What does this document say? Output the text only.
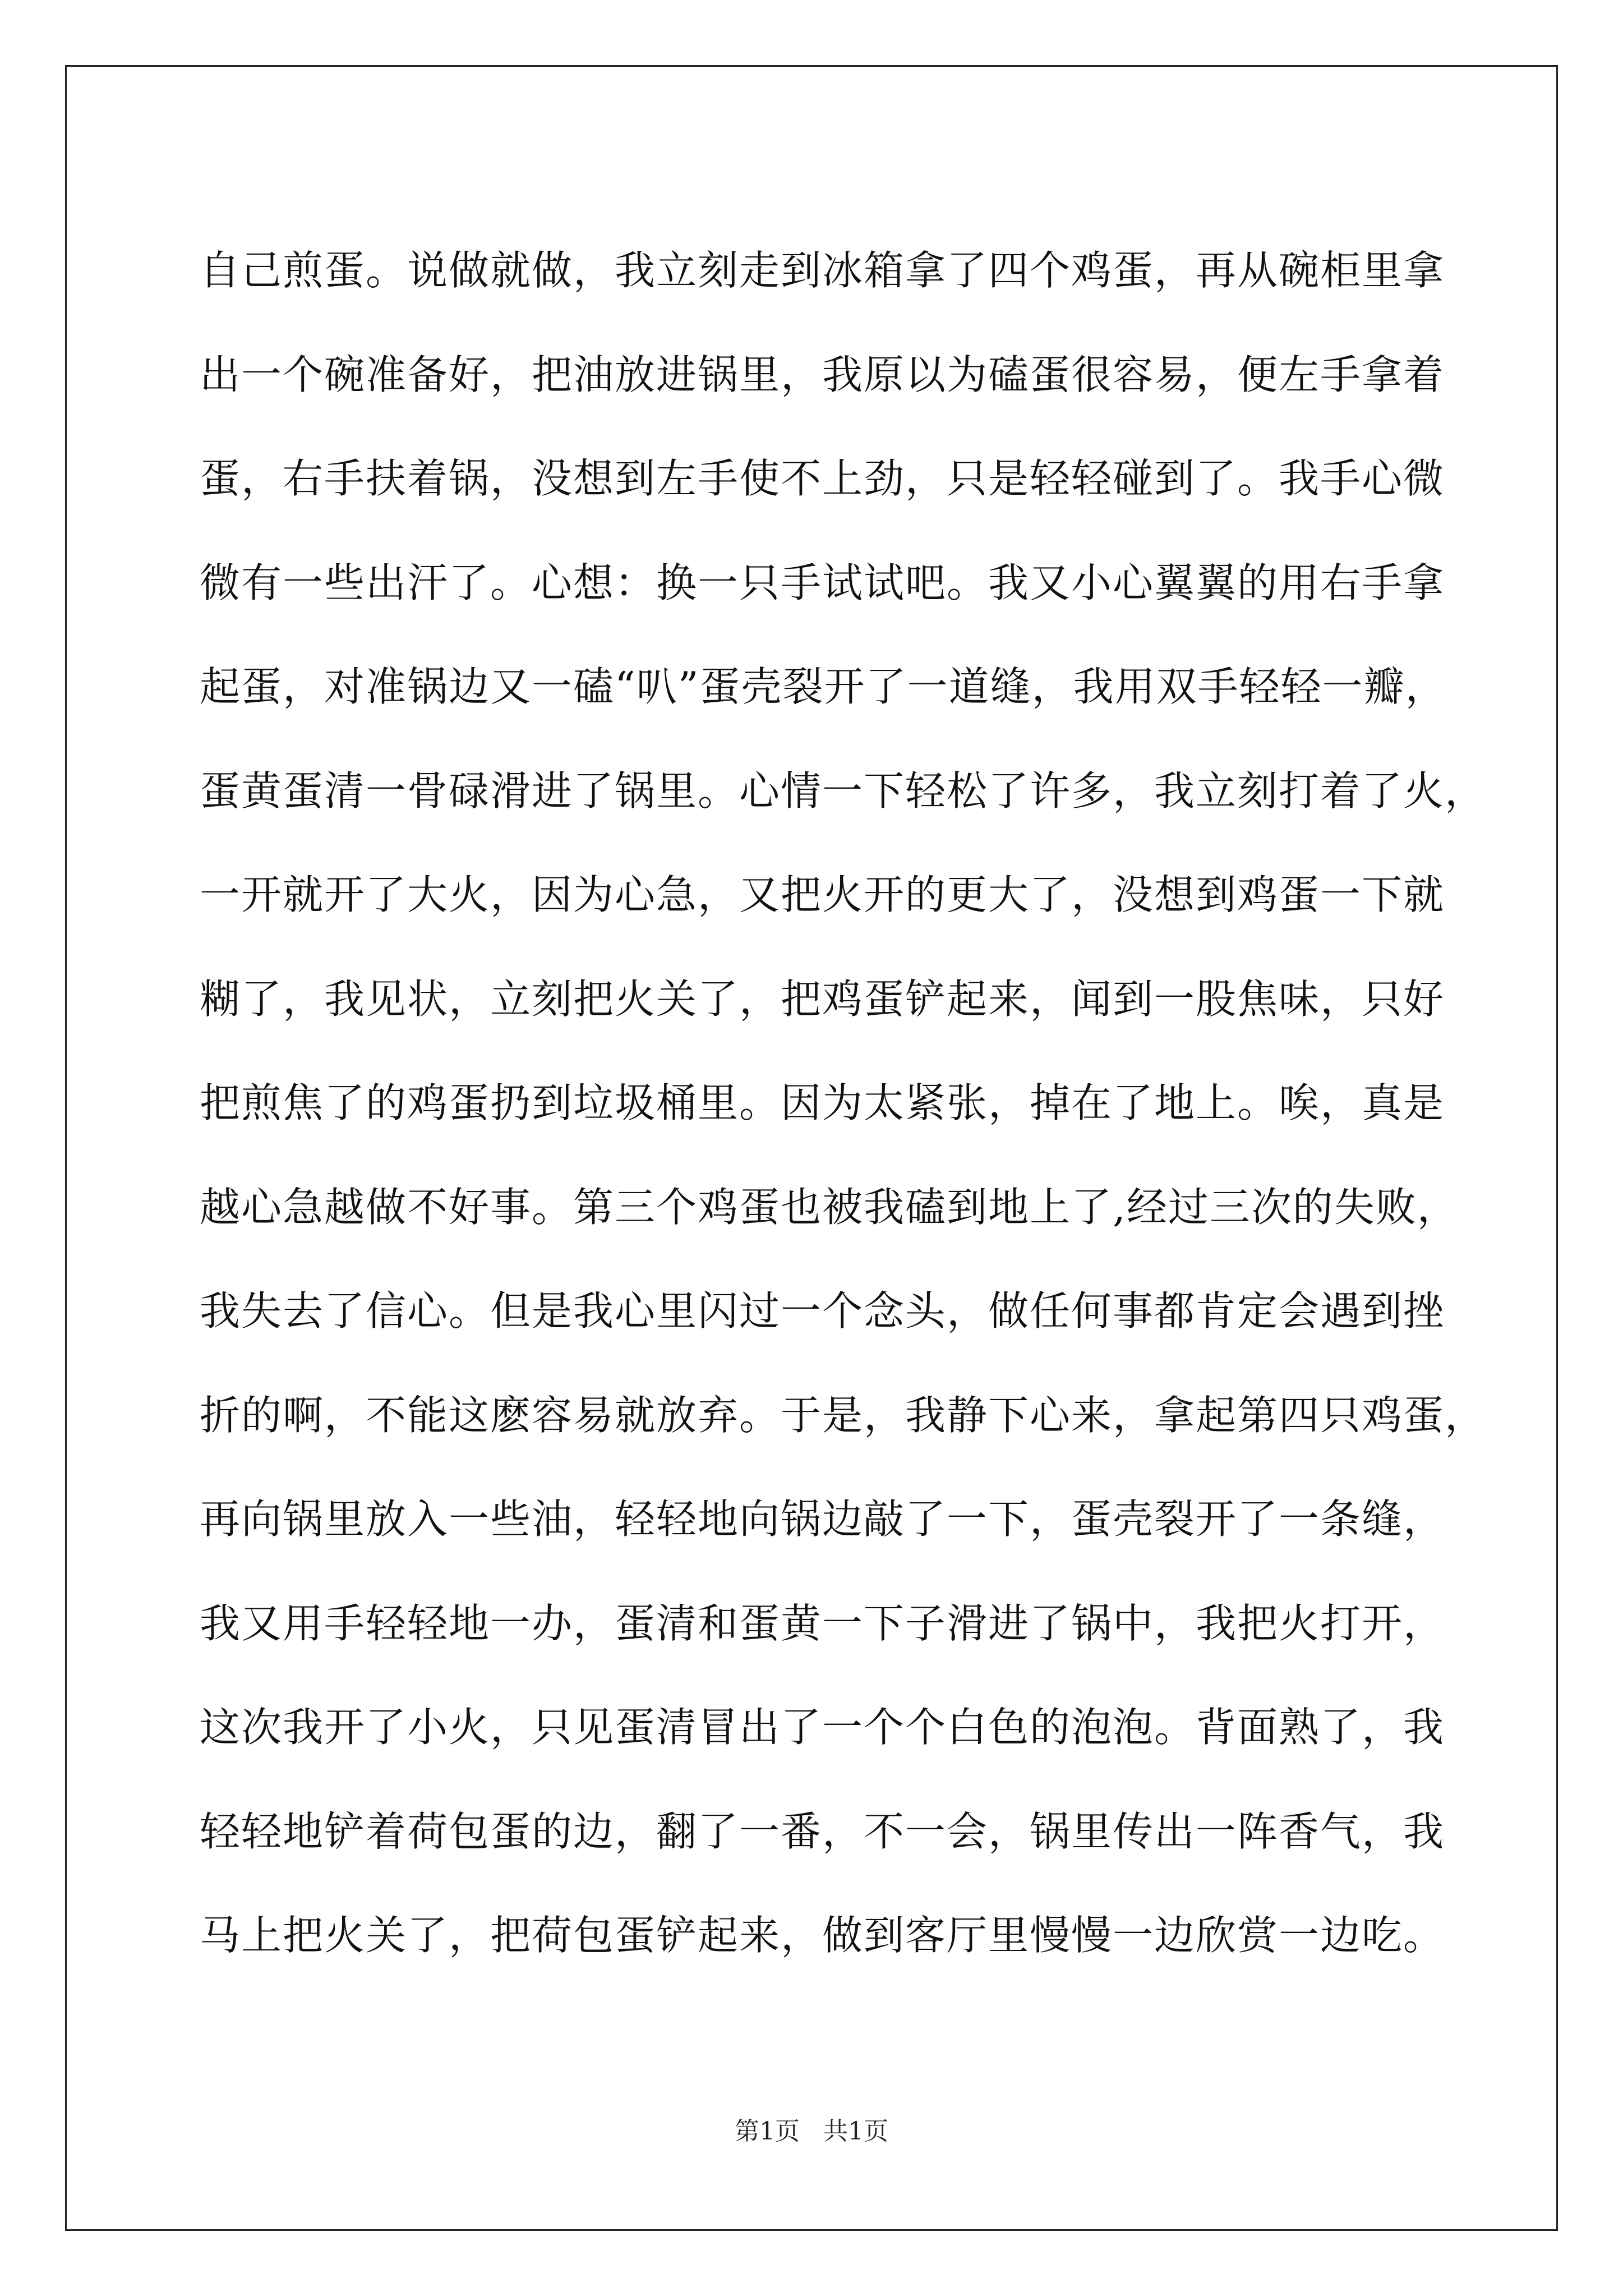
自己煎蛋。说做就做，我立刻走到冰箱拿了四个鸡蛋，再从碗柜里拿
出一个碗准备好，把油放进锅里，我原以为磕蛋很容易，便左手拿着
蛋，右手扶着锅，没想到左手使不上劲，只是轻轻碰到了。我手心微
微有一些出汗了。心想：换一只手试试吧。我又小心翼翼的用右手拿
起蛋，对准锅边又一磕“叭”蛋壳裂开了一道缝，我用双手轻轻一瓣，
蛋黄蛋清一骨碌滑进了锅里。心情一下轻松了许多，我立刻打着了火，
一开就开了大火，因为心急，又把火开的更大了，没想到鸡蛋一下就
糊了，我见状，立刻把火关了，把鸡蛋铲起来，闻到一股焦味，只好
把煎焦了的鸡蛋扔到垃圾桶里。因为太紧张，掉在了地上。唉，真是
越心急越做不好事。第三个鸡蛋也被我磕到地上了,经过三次的失败，
我失去了信心。但是我心里闪过一个念头，做任何事都肯定会遇到挫
折的啊，不能这麽容易就放弃。于是，我静下心来，拿起第四只鸡蛋，
再向锅里放入一些油，轻轻地向锅边敲了一下，蛋壳裂开了一条缝，
我又用手轻轻地一办，蛋清和蛋黄一下子滑进了锅中，我把火打开，
这次我开了小火，只见蛋清冒出了一个个白色的泡泡。背面熟了，我
轻轻地铲着荷包蛋的边，翻了一番，不一会，锅里传出一阵香气，我
马上把火关了，把荷包蛋铲起来，做到客厅里慢慢一边欣赏一边吃。
第1页 共1页
